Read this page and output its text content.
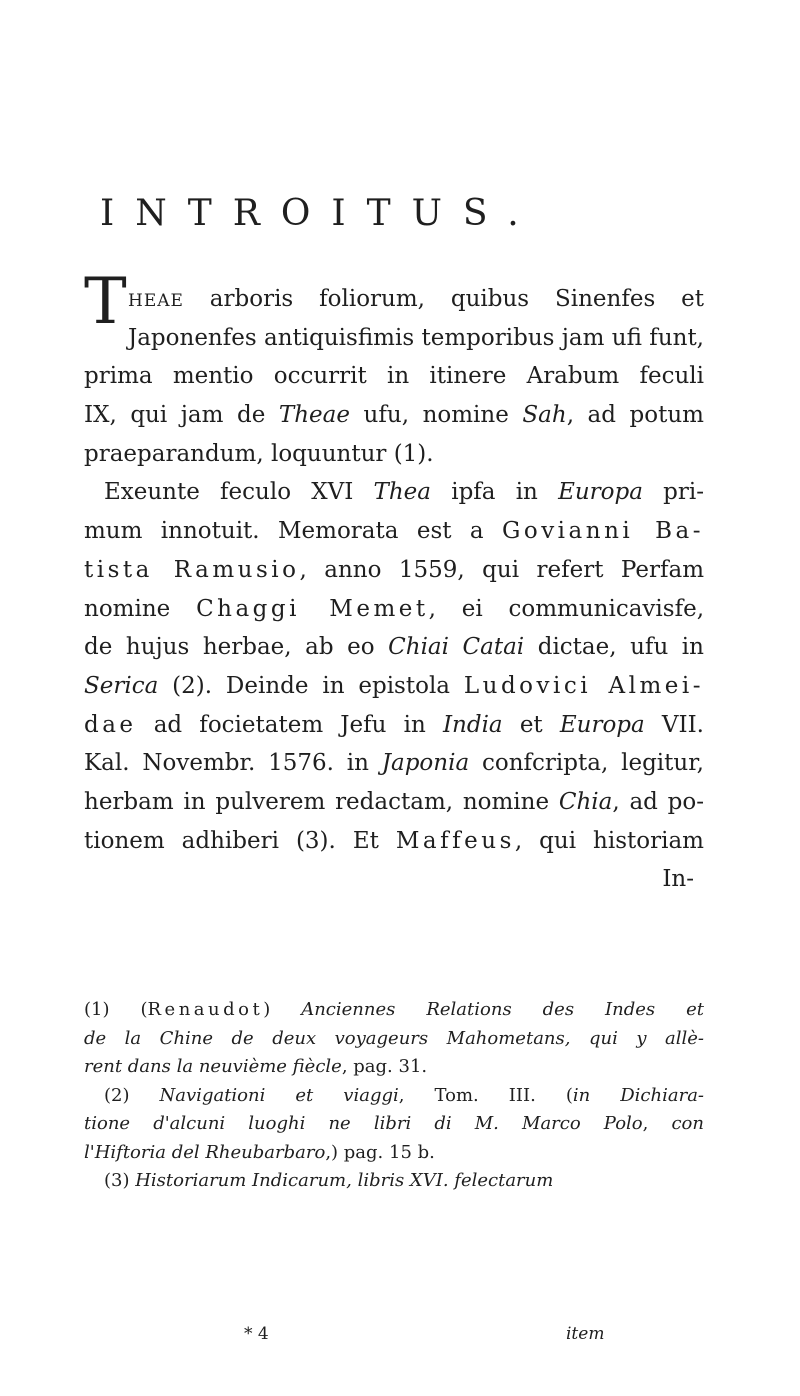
INTROITUS.
T HEAE arboris foliorum, quibus Sinenfes et
Japonenfes antiquisfimis temporibus jam ufi funt,
prima mentio occurrit in itinere Arabum feculi
IX, qui jam de Theae ufu, nomine Sah, ad potum
praeparandum, loquuntur (1).
Exeunte feculo XVI Thea ipfa in Europa pri-
mum innotuit. Memorata est a Govianni Ba-
tista Ramusio, anno 1559, qui refert Perfam
nomine Chaggi Memet, ei communicavisfe,
de hujus herbae, ab eo Chiai Catai dictae, ufu in
Serica (2). Deinde in epistola Ludovici Almei-
dae ad focietatem Jefu in India et Europa VII.
Kal. Novembr. 1576. in Japonia confcripta, legitur,
herbam in pulverem redactam, nomine Chia, ad po-
tionem adhiberi (3). Et Maffeus, qui historiam
In-
(1) (Renaudot) Anciennes Relations des Indes et
de la Chine de deux voyageurs Mahometans, qui y allè-
rent dans la neuvième fiècle, pag. 31.
(2) Navigationi et viaggi, Tom. III. (in Dichiara-
tione d'alcuni luoghi ne libri di M. Marco Polo, con
l'Hiftoria del Rheubarbaro,) pag. 15 b.
(3) Historiarum Indicarum, libris XVI. felectarum
* 4	item
